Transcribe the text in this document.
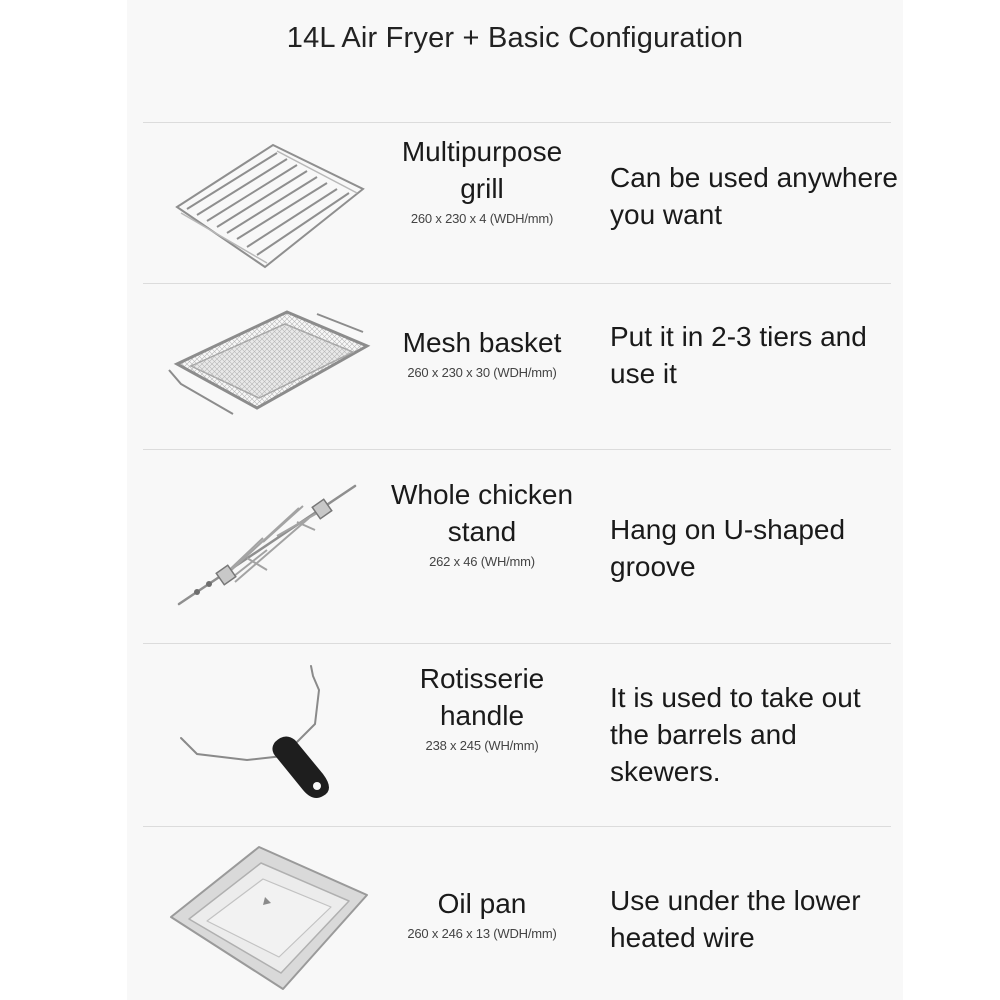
14L Air Fryer + Basic Configuration
Multipurpose grill
260 x 230 x 4 (WDH/mm)
Can be used anywhere you want
Mesh basket
260 x 230 x 30 (WDH/mm)
Put it in 2-3 tiers and use it
Whole chicken stand
262 x 46 (WH/mm)
Hang on U-shaped groove
Rotisserie handle
238 x 245 (WH/mm)
It is used to take out the barrels and skewers.
Oil pan
260 x 246 x 13 (WDH/mm)
Use under the lower heated wire
